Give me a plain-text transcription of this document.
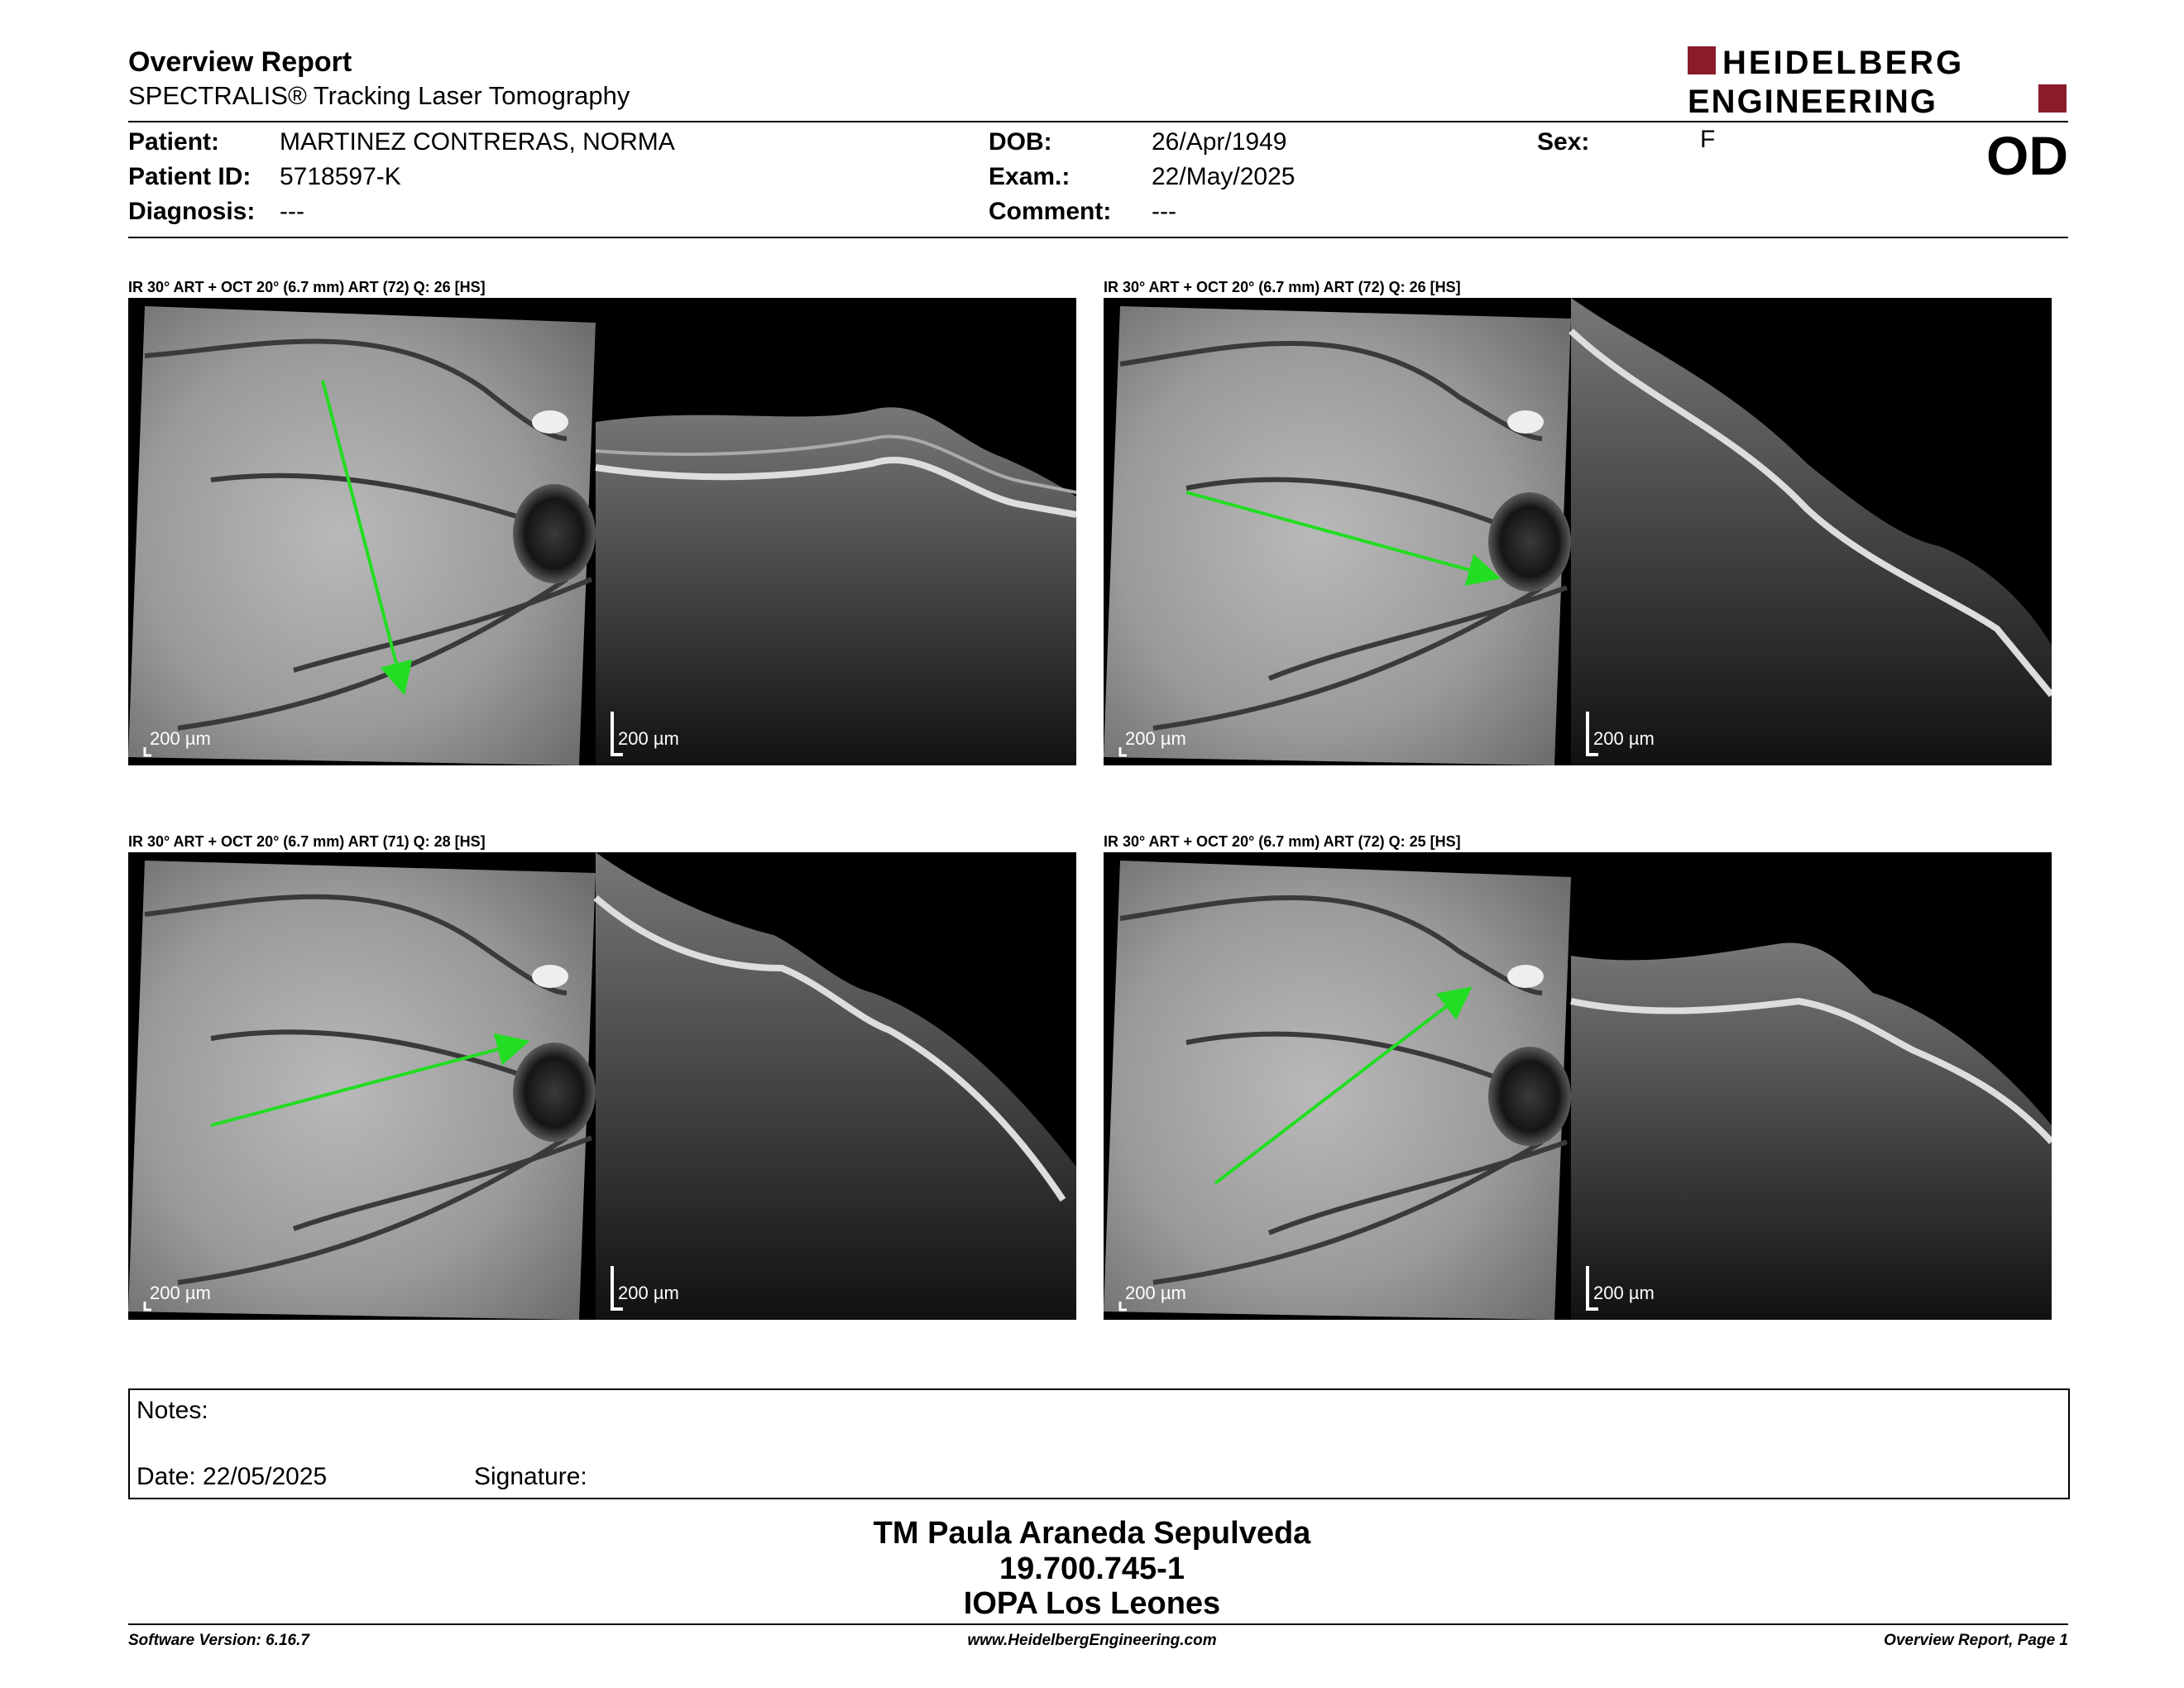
Overview Report
SPECTRALIS® Tracking Laser Tomography
HEIDELBERG
ENGINEERING
Patient: MARTINEZ CONTRERAS, NORMA
Patient ID: 5718597-K
Diagnosis: ---
DOB:	26/Apr/1949
Exam.:	22/May/2025
Comment: ---
Sex:	F	OD
IR 30° ART + OCT 20° (6.7 mm) ART (72) Q: 26 [HS]
200 µm	200 µm
IR 30° ART + OCT 20° (6.7 mm) ART (72) Q: 26 [HS]
200 µm	200 µm
IR 30° ART + OCT 20° (6.7 mm) ART (71) Q: 28 [HS]
200 µm	200 µm
IR 30° ART + OCT 20° (6.7 mm) ART (72) Q: 25 [HS]
200 µm	200 µm
Notes:
Date: 22/05/2025	Signature:
TM Paula Araneda Sepulveda
19.700.745-1
IOPA Los Leones
Software Version: 6.16.7	www.HeidelbergEngineering.com	Overview Report, Page 1
